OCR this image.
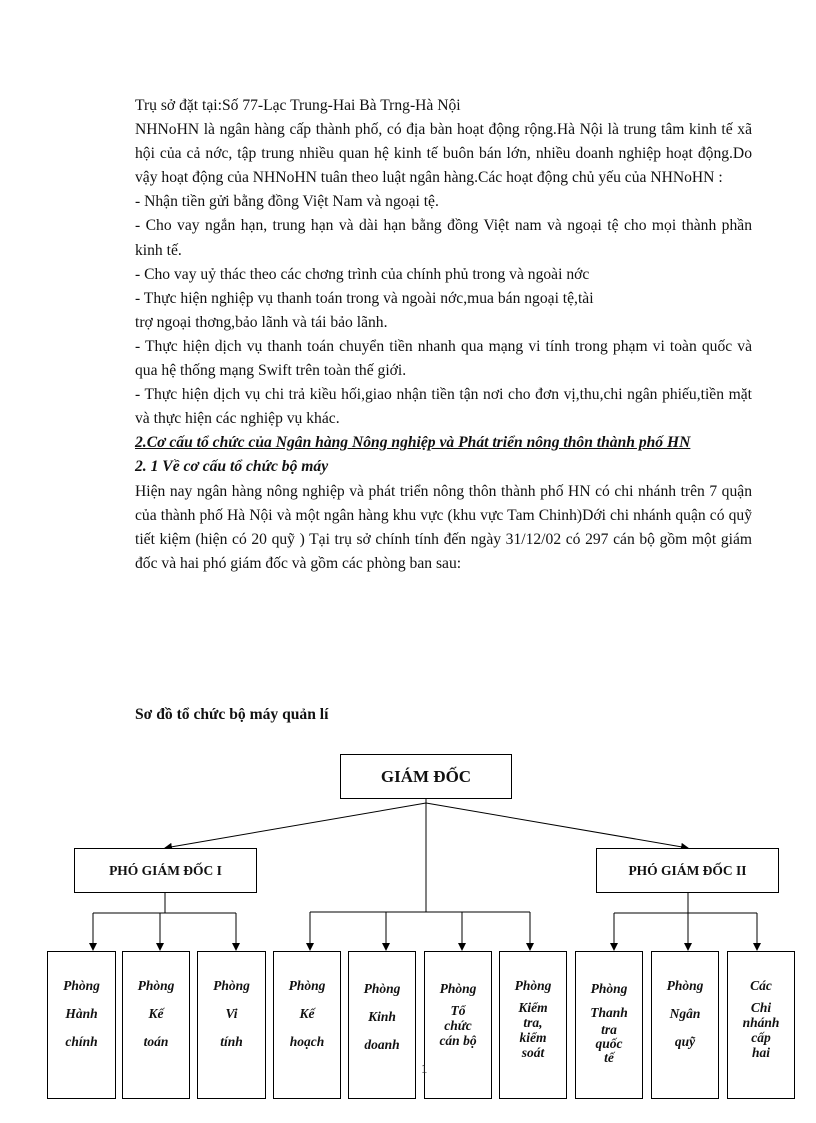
Trụ sở đặt tại:Số 77-Lạc Trung-Hai Bà Trng-Hà Nội

NHNoHN là ngân hàng cấp thành phố, có địa bàn hoạt động rộng.Hà Nội là trung tâm kinh tế xã hội của cả nớc, tập trung nhiều quan hệ kinh tế buôn bán lớn, nhiều doanh nghiệp hoạt động.Do vậy hoạt động của NHNoHN tuân theo luật ngân hàng.Các hoạt động chủ yếu của NHNoHN :

- Nhận tiền gửi bằng đồng Việt Nam và ngoại tệ.

- Cho vay ngắn hạn, trung hạn và dài hạn bằng đồng Việt nam và ngoại tệ cho mọi thành phần kinh tế.

- Cho vay uỷ thác theo các chơng trình của chính phủ trong và ngoài nớc

- Thực hiện nghiệp vụ thanh toán trong và ngoài nớc,mua bán ngoại tệ,tài

trợ ngoại thơng,bảo lãnh và tái bảo lãnh.

- Thực hiện dịch vụ thanh toán chuyển tiền nhanh qua mạng vi tính trong phạm vi toàn quốc và qua hệ thống mạng Swift trên toàn thế giới.

- Thực hiện dịch vụ chi trả kiều hối,giao nhận tiền tận nơi cho đơn vị,thu,chi ngân phiếu,tiền mặt và thực hiện các nghiệp vụ khác.

2.Cơ cấu tổ chức của Ngân hàng Nông nghiệp và Phát triển nông thôn thành phố HN

2. 1 Về cơ cấu tổ chức bộ máy

Hiện nay ngân hàng nông nghiệp và phát triển nông thôn thành phố HN có chi nhánh trên 7 quận của thành phố Hà Nội và một ngân hàng khu vực (khu vực Tam Chinh)Dới chi nhánh quận có quỹ tiết kiệm (hiện có 20 quỹ ) Tại trụ sở chính tính đến ngày 31/12/02 có 297 cán bộ gồm một giám đốc và hai phó giám đốc và gồm các phòng ban sau:

Sơ đồ tổ chức bộ máy quản lí
GIÁM ĐỐC
PHÓ GIÁM ĐỐC I	PHÓ GIÁM ĐỐC II
Phòng
Hành
chính
Phòng
Kế
toán
Phòng
Vi
tính
Phòng
Kế
hoạch
Phòng
Kinh
doanh
Phòng
Tổ
chức
cán bộ
Phòng
Kiểm
tra,
kiểm
soát
Phòng
Thanh
tra
quốc
tế
Phòng
Ngân
quỹ
Các
Chi
nhánh
cấp
hai
1
